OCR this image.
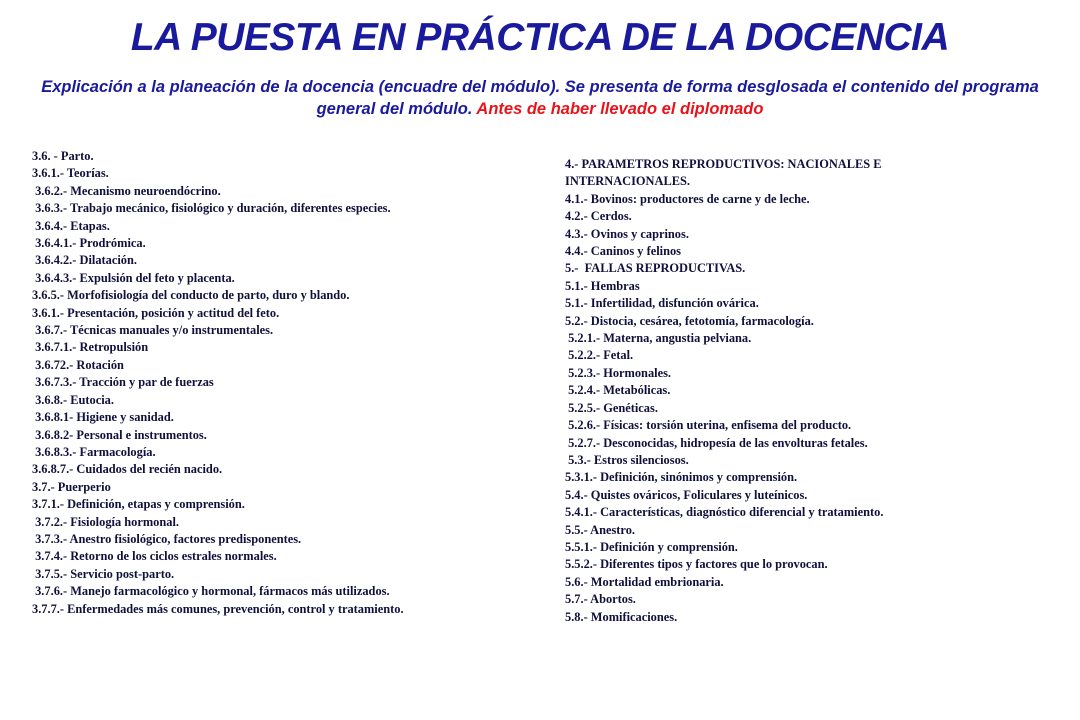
LA PUESTA EN PRÁCTICA DE LA DOCENCIA

Explicación a la planeación de la docencia (encuadre del módulo). Se presenta de forma desglosada el contenido del programa general del módulo. Antes de haber llevado el diplomado

3.6. - Parto.
3.6.1.- Teorías.
3.6.2.- Mecanismo neuroendócrino.
3.6.3.- Trabajo mecánico, fisiológico y duración, diferentes especies.
3.6.4.- Etapas.
3.6.4.1.- Prodrómica.
3.6.4.2.- Dilatación.
3.6.4.3.- Expulsión del feto y placenta.
3.6.5.- Morfofisiología del conducto de parto, duro y blando.
3.6.1.- Presentación, posición y actitud del feto.
3.6.7.- Técnicas manuales y/o instrumentales.
3.6.7.1.- Retropulsión
3.6.72.- Rotación
3.6.7.3.- Tracción y par de fuerzas
3.6.8.- Eutocia.
3.6.8.1- Higiene y sanidad.
3.6.8.2- Personal e instrumentos.
3.6.8.3.- Farmacología.
3.6.8.7.- Cuidados del recién nacido.
3.7.- Puerperio
3.7.1.- Definición, etapas y comprensión.
3.7.2.- Fisiología hormonal.
3.7.3.- Anestro fisiológico, factores predisponentes.
3.7.4.- Retorno de los ciclos estrales normales.
3.7.5.- Servicio post-parto.
3.7.6.- Manejo farmacológico y hormonal, fármacos más utilizados.
3.7.7.- Enfermedades más comunes, prevención, control y tratamiento.
4.- PARAMETROS REPRODUCTIVOS: NACIONALES E
INTERNACIONALES.
4.1.- Bovinos: productores de carne y de leche.
4.2.- Cerdos.
4.3.- Ovinos y caprinos.
4.4.- Caninos y felinos
5.-  FALLAS REPRODUCTIVAS.
5.1.- Hembras
5.1.- Infertilidad, disfunción ovárica.
5.2.- Distocia, cesárea, fetotomía, farmacología.
5.2.1.- Materna, angustia pelviana.
5.2.2.- Fetal.
5.2.3.- Hormonales.
5.2.4.- Metabólicas.
5.2.5.- Genéticas.
5.2.6.- Físicas: torsión uterina, enfisema del producto.
5.2.7.- Desconocidas, hidropesía de las envolturas fetales.
5.3.- Estros silenciosos.
5.3.1.- Definición, sinónimos y comprensión.
5.4.- Quistes ováricos, Foliculares y luteínicos.
5.4.1.- Características, diagnóstico diferencial y tratamiento.
5.5.- Anestro.
5.5.1.- Definición y comprensión.
5.5.2.- Diferentes tipos y factores que lo provocan.
5.6.- Mortalidad embrionaria.
5.7.- Abortos.
5.8.- Momificaciones.
